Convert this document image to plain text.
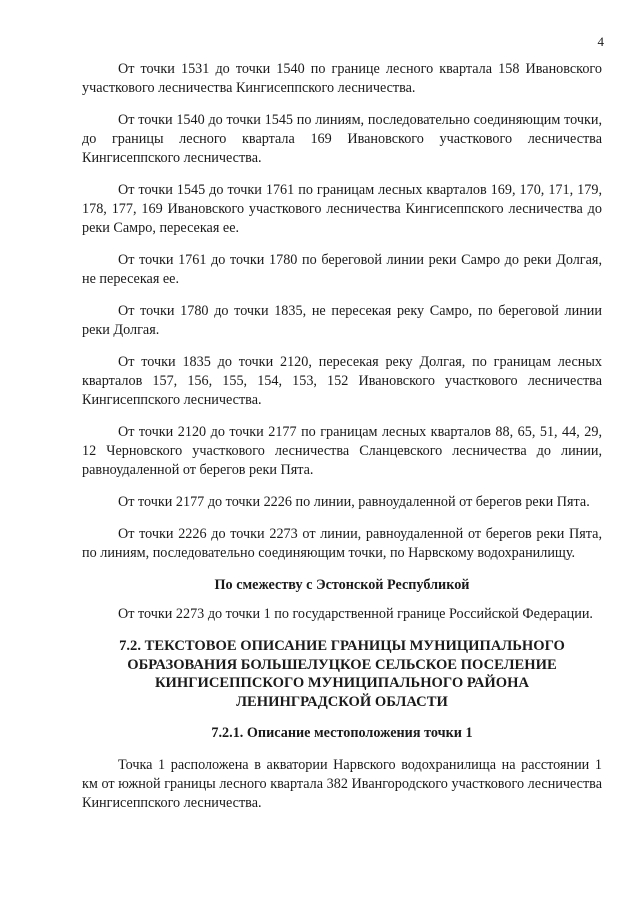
4

От точки 1531 до точки 1540 по границе лесного квартала 158 Ивановского участкового лесничества Кингисеппского лесничества.

От точки 1540 до точки 1545 по линиям, последовательно соединяющим точки, до границы лесного квартала 169 Ивановского участкового лесничества Кингисеппского лесничества.

От точки 1545 до точки 1761 по границам лесных кварталов 169, 170, 171, 179, 178, 177, 169 Ивановского участкового лесничества Кингисеппского лесничества до реки Самро, пересекая ее.

От точки 1761 до точки 1780 по береговой линии реки Самро до реки Долгая, не пересекая ее.

От точки 1780 до точки 1835, не пересекая реку Самро, по береговой линии реки Долгая.

От точки 1835 до точки 2120, пересекая реку Долгая, по границам лесных кварталов 157, 156, 155, 154, 153, 152 Ивановского участкового лесничества Кингисеппского лесничества.

От точки 2120 до точки 2177 по границам лесных кварталов 88, 65, 51, 44, 29, 12 Черновского участкового лесничества Сланцевского лесничества до линии, равноудаленной от берегов реки Пята.

От точки 2177 до точки 2226 по линии, равноудаленной от берегов реки Пята.

От точки 2226 до точки 2273 от линии, равноудаленной от берегов реки Пята, по линиям, последовательно соединяющим точки, по Нарвскому водохранилищу.

По смежеству с Эстонской Республикой

От точки 2273 до точки 1 по государственной границе Российской Федерации.

7.2. ТЕКСТОВОЕ ОПИСАНИЕ ГРАНИЦЫ МУНИЦИПАЛЬНОГО

ОБРАЗОВАНИЯ БОЛЬШЕЛУЦКОЕ СЕЛЬСКОЕ ПОСЕЛЕНИЕ

КИНГИСЕППСКОГО МУНИЦИПАЛЬНОГО РАЙОНА

ЛЕНИНГРАДСКОЙ ОБЛАСТИ

7.2.1. Описание местоположения точки 1

Точка 1 расположена в акватории Нарвского водохранилища на расстоянии 1 км от южной границы лесного квартала 382 Ивангородского участкового лесничества Кингисеппского лесничества.
